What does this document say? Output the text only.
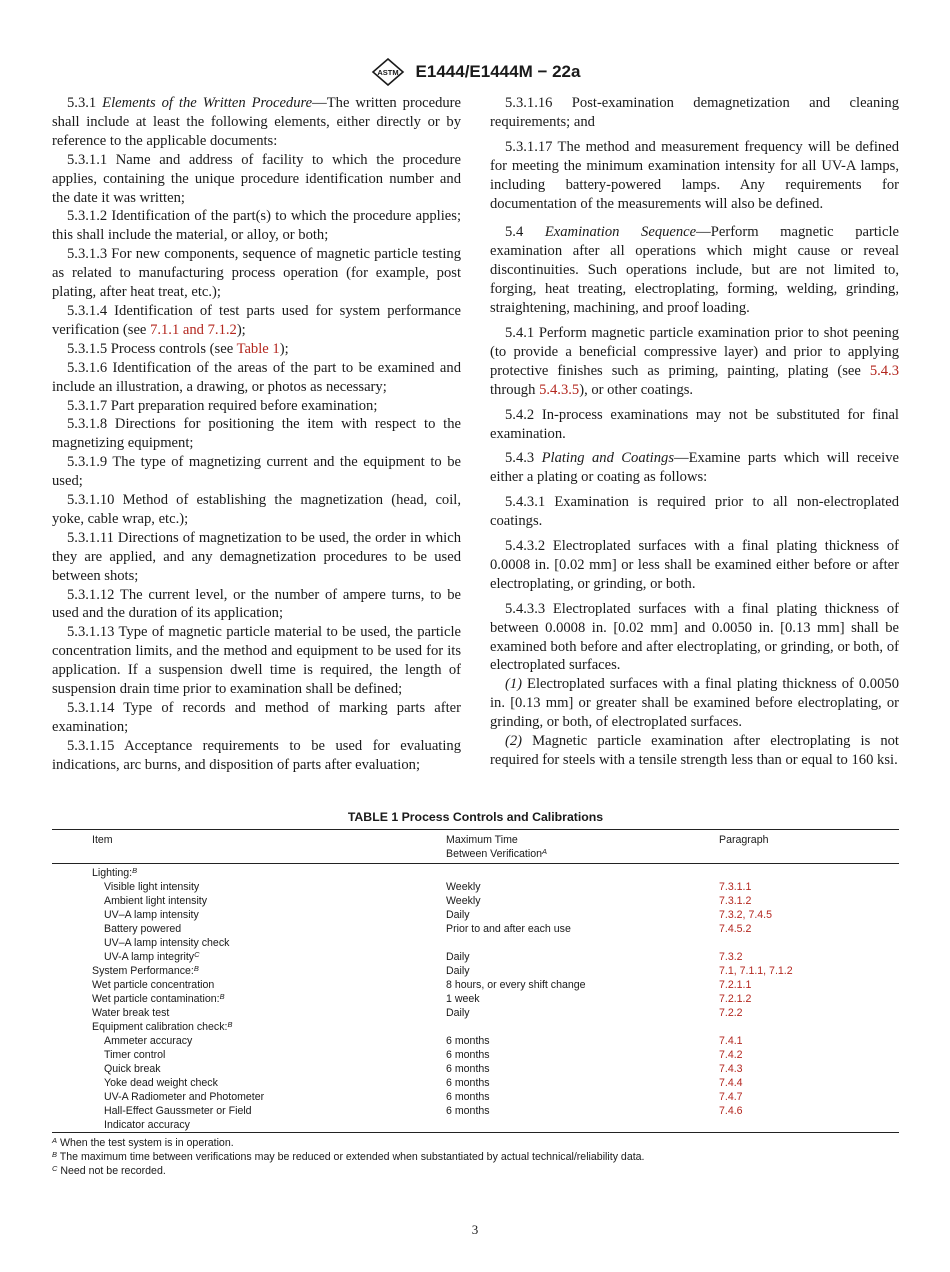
ASTM E1444/E1444M − 22a

5.3.1 Elements of the Written Procedure—The written procedure shall include at least the following elements, either directly or by reference to the applicable documents:

5.3.1.1 Name and address of facility to which the procedure applies, containing the unique procedure identification number and the date it was written;

5.3.1.2 Identification of the part(s) to which the procedure applies; this shall include the material, or alloy, or both;

5.3.1.3 For new components, sequence of magnetic particle testing as related to manufacturing process operation (for example, post plating, after heat treat, etc.);

5.3.1.4 Identification of test parts used for system performance verification (see 7.1.1 and 7.1.2);

5.3.1.5 Process controls (see Table 1);

5.3.1.6 Identification of the areas of the part to be examined and include an illustration, a drawing, or photos as necessary;

5.3.1.7 Part preparation required before examination;

5.3.1.8 Directions for positioning the item with respect to the magnetizing equipment;

5.3.1.9 The type of magnetizing current and the equipment to be used;

5.3.1.10 Method of establishing the magnetization (head, coil, yoke, cable wrap, etc.);

5.3.1.11 Directions of magnetization to be used, the order in which they are applied, and any demagnetization procedures to be used between shots;

5.3.1.12 The current level, or the number of ampere turns, to be used and the duration of its application;

5.3.1.13 Type of magnetic particle material to be used, the particle concentration limits, and the method and equipment to be used for its application. If a suspension dwell time is required, the length of suspension drain time prior to examination shall be defined;

5.3.1.14 Type of records and method of marking parts after examination;

5.3.1.15 Acceptance requirements to be used for evaluating indications, arc burns, and disposition of parts after evaluation;

5.3.1.16 Post-examination demagnetization and cleaning requirements; and

5.3.1.17 The method and measurement frequency will be defined for meeting the minimum examination intensity for all UV-A lamps, including battery-powered lamps. Any requirements for documentation of the measurements will also be defined.

5.4 Examination Sequence—Perform magnetic particle examination after all operations which might cause or reveal discontinuities. Such operations include, but are not limited to, forging, heat treating, electroplating, forming, welding, grinding, straightening, machining, and proof loading.

5.4.1 Perform magnetic particle examination prior to shot peening (to provide a beneficial compressive layer) and prior to applying protective finishes such as priming, painting, plating (see 5.4.3 through 5.4.3.5), or other coatings.

5.4.2 In-process examinations may not be substituted for final examination.

5.4.3 Plating and Coatings—Examine parts which will receive either a plating or coating as follows:

5.4.3.1 Examination is required prior to all non-electroplated coatings.

5.4.3.2 Electroplated surfaces with a final plating thickness of 0.0008 in. [0.02 mm] or less shall be examined either before or after electroplating, or grinding, or both.

5.4.3.3 Electroplated surfaces with a final plating thickness of between 0.0008 in. [0.02 mm] and 0.0050 in. [0.13 mm] shall be examined both before and after electroplating, or grinding, or both, of electroplated surfaces.

(1) Electroplated surfaces with a final plating thickness of 0.0050 in. [0.13 mm] or greater shall be examined before electroplating, or grinding, or both, of electroplated surfaces.

(2) Magnetic particle examination after electroplating is not required for steels with a tensile strength less than or equal to 160 ksi.

TABLE 1 Process Controls and Calibrations
Item	Maximum Time
Between Verification$^A$	Paragraph
Lighting:$^B$		
Visible light intensity	Weekly	7.3.1.1
Ambient light intensity	Weekly	7.3.1.2
UV–A lamp intensity	Daily	7.3.2, 7.4.5
Battery powered	Prior to and after each use	7.4.5.2
UV–A lamp intensity check		
UV-A lamp integrity$^C$	Daily	7.3.2
System Performance:$^B$	Daily	7.1, 7.1.1, 7.1.2
Wet particle concentration	8 hours, or every shift change	7.2.1.1
Wet particle contamination:$^B$	1 week	7.2.1.2
Water break test	Daily	7.2.2
Equipment calibration check:$^B$		
Ammeter accuracy	6 months	7.4.1
Timer control	6 months	7.4.2
Quick break	6 months	7.4.3
Yoke dead weight check	6 months	7.4.4
UV-A Radiometer and Photometer	6 months	7.4.7
Hall-Effect Gaussmeter or Field	6 months	7.4.6
Indicator accuracy		
$^A$ When the test system is in operation.
$^B$ The maximum time between verifications may be reduced or extended when substantiated by actual technical/reliability data.
$^C$ Need not be recorded.
3
